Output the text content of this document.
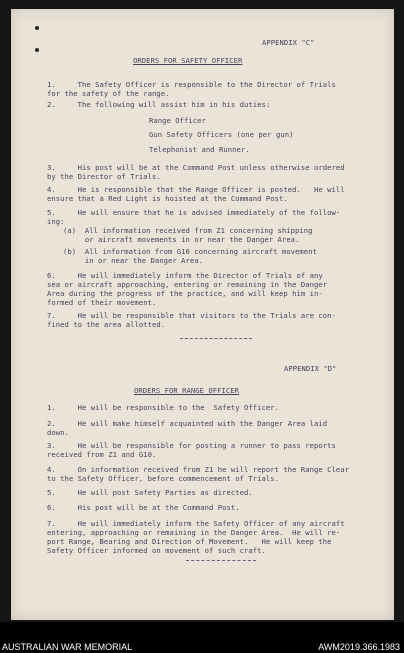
APPENDIX "C"
ORDERS FOR SAFETY OFFICER
1.     The Safety Officer is responsible to the Director of Trials
for the safety of the range.
2.     The following will assist him in his duties:
Range Officer
Gun Safety Officers (one per gun)
Telephonist and Runner.
3.     His post will be at the Command Post unless otherwise ordered
by the Director of Trials.
4.     He is responsible that the Range Officer is posted.   He will
ensure that a Red Light is hoisted at the Command Post.
5.     He will ensure that he is advised immediately of the follow-
ing:
(a)  All information received from Z1 concerning shipping
or aircraft movements in or near the Danger Area.
(b)  All information from G10 concerning aircraft movement
in or near the Danger Area.
6.     He will immediately inform the Director of Trials of any
sea or aircraft approaching, entering or remaining in the Danger
Area during the progress of the practice, and will keep him in-
formed of their movement.
7.     He will be responsible that visitors to the Trials are con-
fined to the area allotted.
APPENDIX "D"
ORDERS FOR RANGE OFFICER
1.     He will be responsible to the  Safety Officer.
2.     He will make himself acquainted with the Danger Area laid
down.
3.     He will be responsible for posting a runner to pass reports
received from Z1 and G10.
4.     On information received from Z1 he will report the Range Clear
to the Safety Officer, before commencement of Trials.
5.     He will post Safety Parties as directed.
6.     His post will be at the Command Post.
7.     He will immediately inform the Safety Officer of any aircraft
entering, approaching or remaining in the Danger Area.  He will re-
port Range, Bearing and Direction of Movement.   He will keep the
Safety Officer informed on movement of such craft.
AUSTRALIAN WAR MEMORIAL	AWM2019.366.1983
